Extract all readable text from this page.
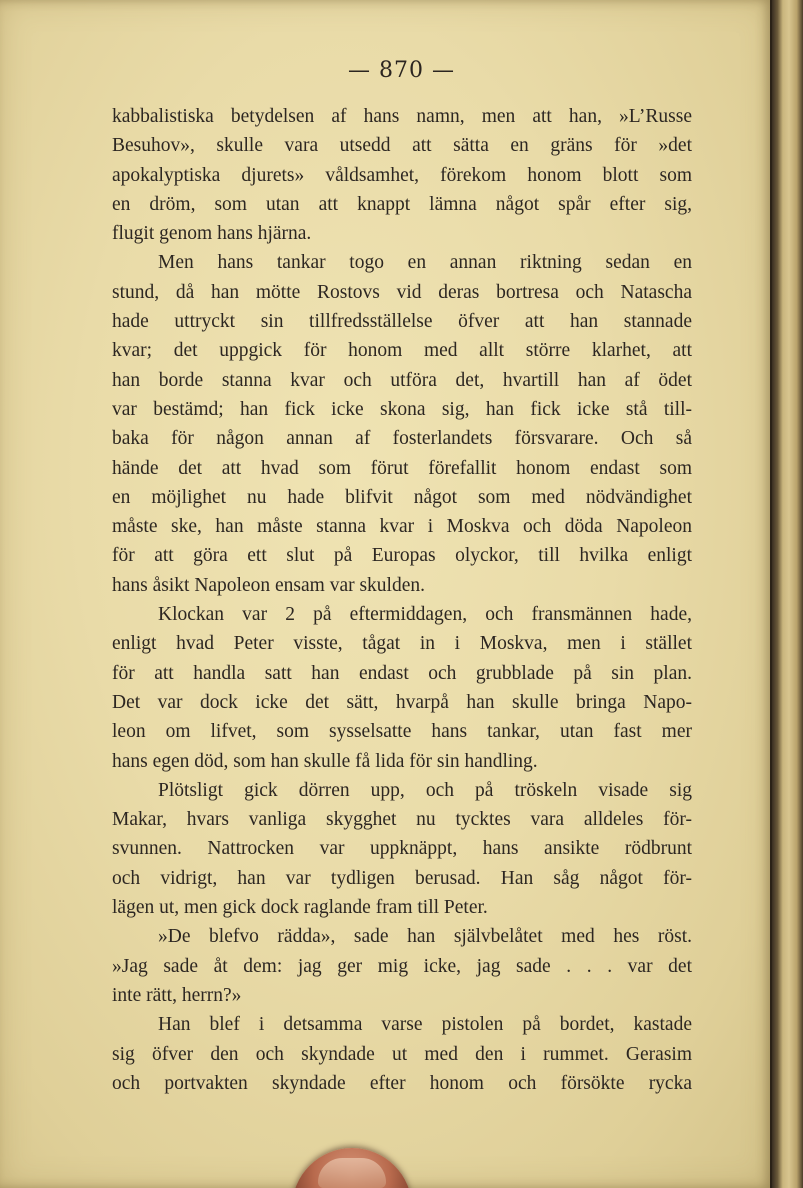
— 870 —
kabbalistiska betydelsen af hans namn, men att han, »L’Russe
Besuhov», skulle vara utsedd att sätta en gräns för »det
apokalyptiska djurets» våldsamhet, förekom honom blott som
en dröm, som utan att knappt lämna något spår efter sig,
flugit genom hans hjärna.
Men hans tankar togo en annan riktning sedan en
stund, då han mötte Rostovs vid deras bortresa och Natascha
hade uttryckt sin tillfredsställelse öfver att han stannade
kvar; det uppgick för honom med allt större klarhet, att
han borde stanna kvar och utföra det, hvartill han af ödet
var bestämd; han fick icke skona sig, han fick icke stå till-
baka för någon annan af fosterlandets försvarare. Och så
hände det att hvad som förut förefallit honom endast som
en möjlighet nu hade blifvit något som med nödvändighet
måste ske, han måste stanna kvar i Moskva och döda Napoleon
för att göra ett slut på Europas olyckor, till hvilka enligt
hans åsikt Napoleon ensam var skulden.
Klockan var 2 på eftermiddagen, och fransmännen hade,
enligt hvad Peter visste, tågat in i Moskva, men i stället
för att handla satt han endast och grubblade på sin plan.
Det var dock icke det sätt, hvarpå han skulle bringa Napo-
leon om lifvet, som sysselsatte hans tankar, utan fast mer
hans egen död, som han skulle få lida för sin handling.
Plötsligt gick dörren upp, och på tröskeln visade sig
Makar, hvars vanliga skygghet nu tycktes vara alldeles för-
svunnen. Nattrocken var uppknäppt, hans ansikte rödbrunt
och vidrigt, han var tydligen berusad. Han såg något för-
lägen ut, men gick dock raglande fram till Peter.
»De blefvo rädda», sade han självbelåtet med hes röst.
»Jag sade åt dem: jag ger mig icke, jag sade . . . var det
inte rätt, herrn?»
Han blef i detsamma varse pistolen på bordet, kastade
sig öfver den och skyndade ut med den i rummet. Gerasim
och portvakten skyndade efter honom och försökte rycka
